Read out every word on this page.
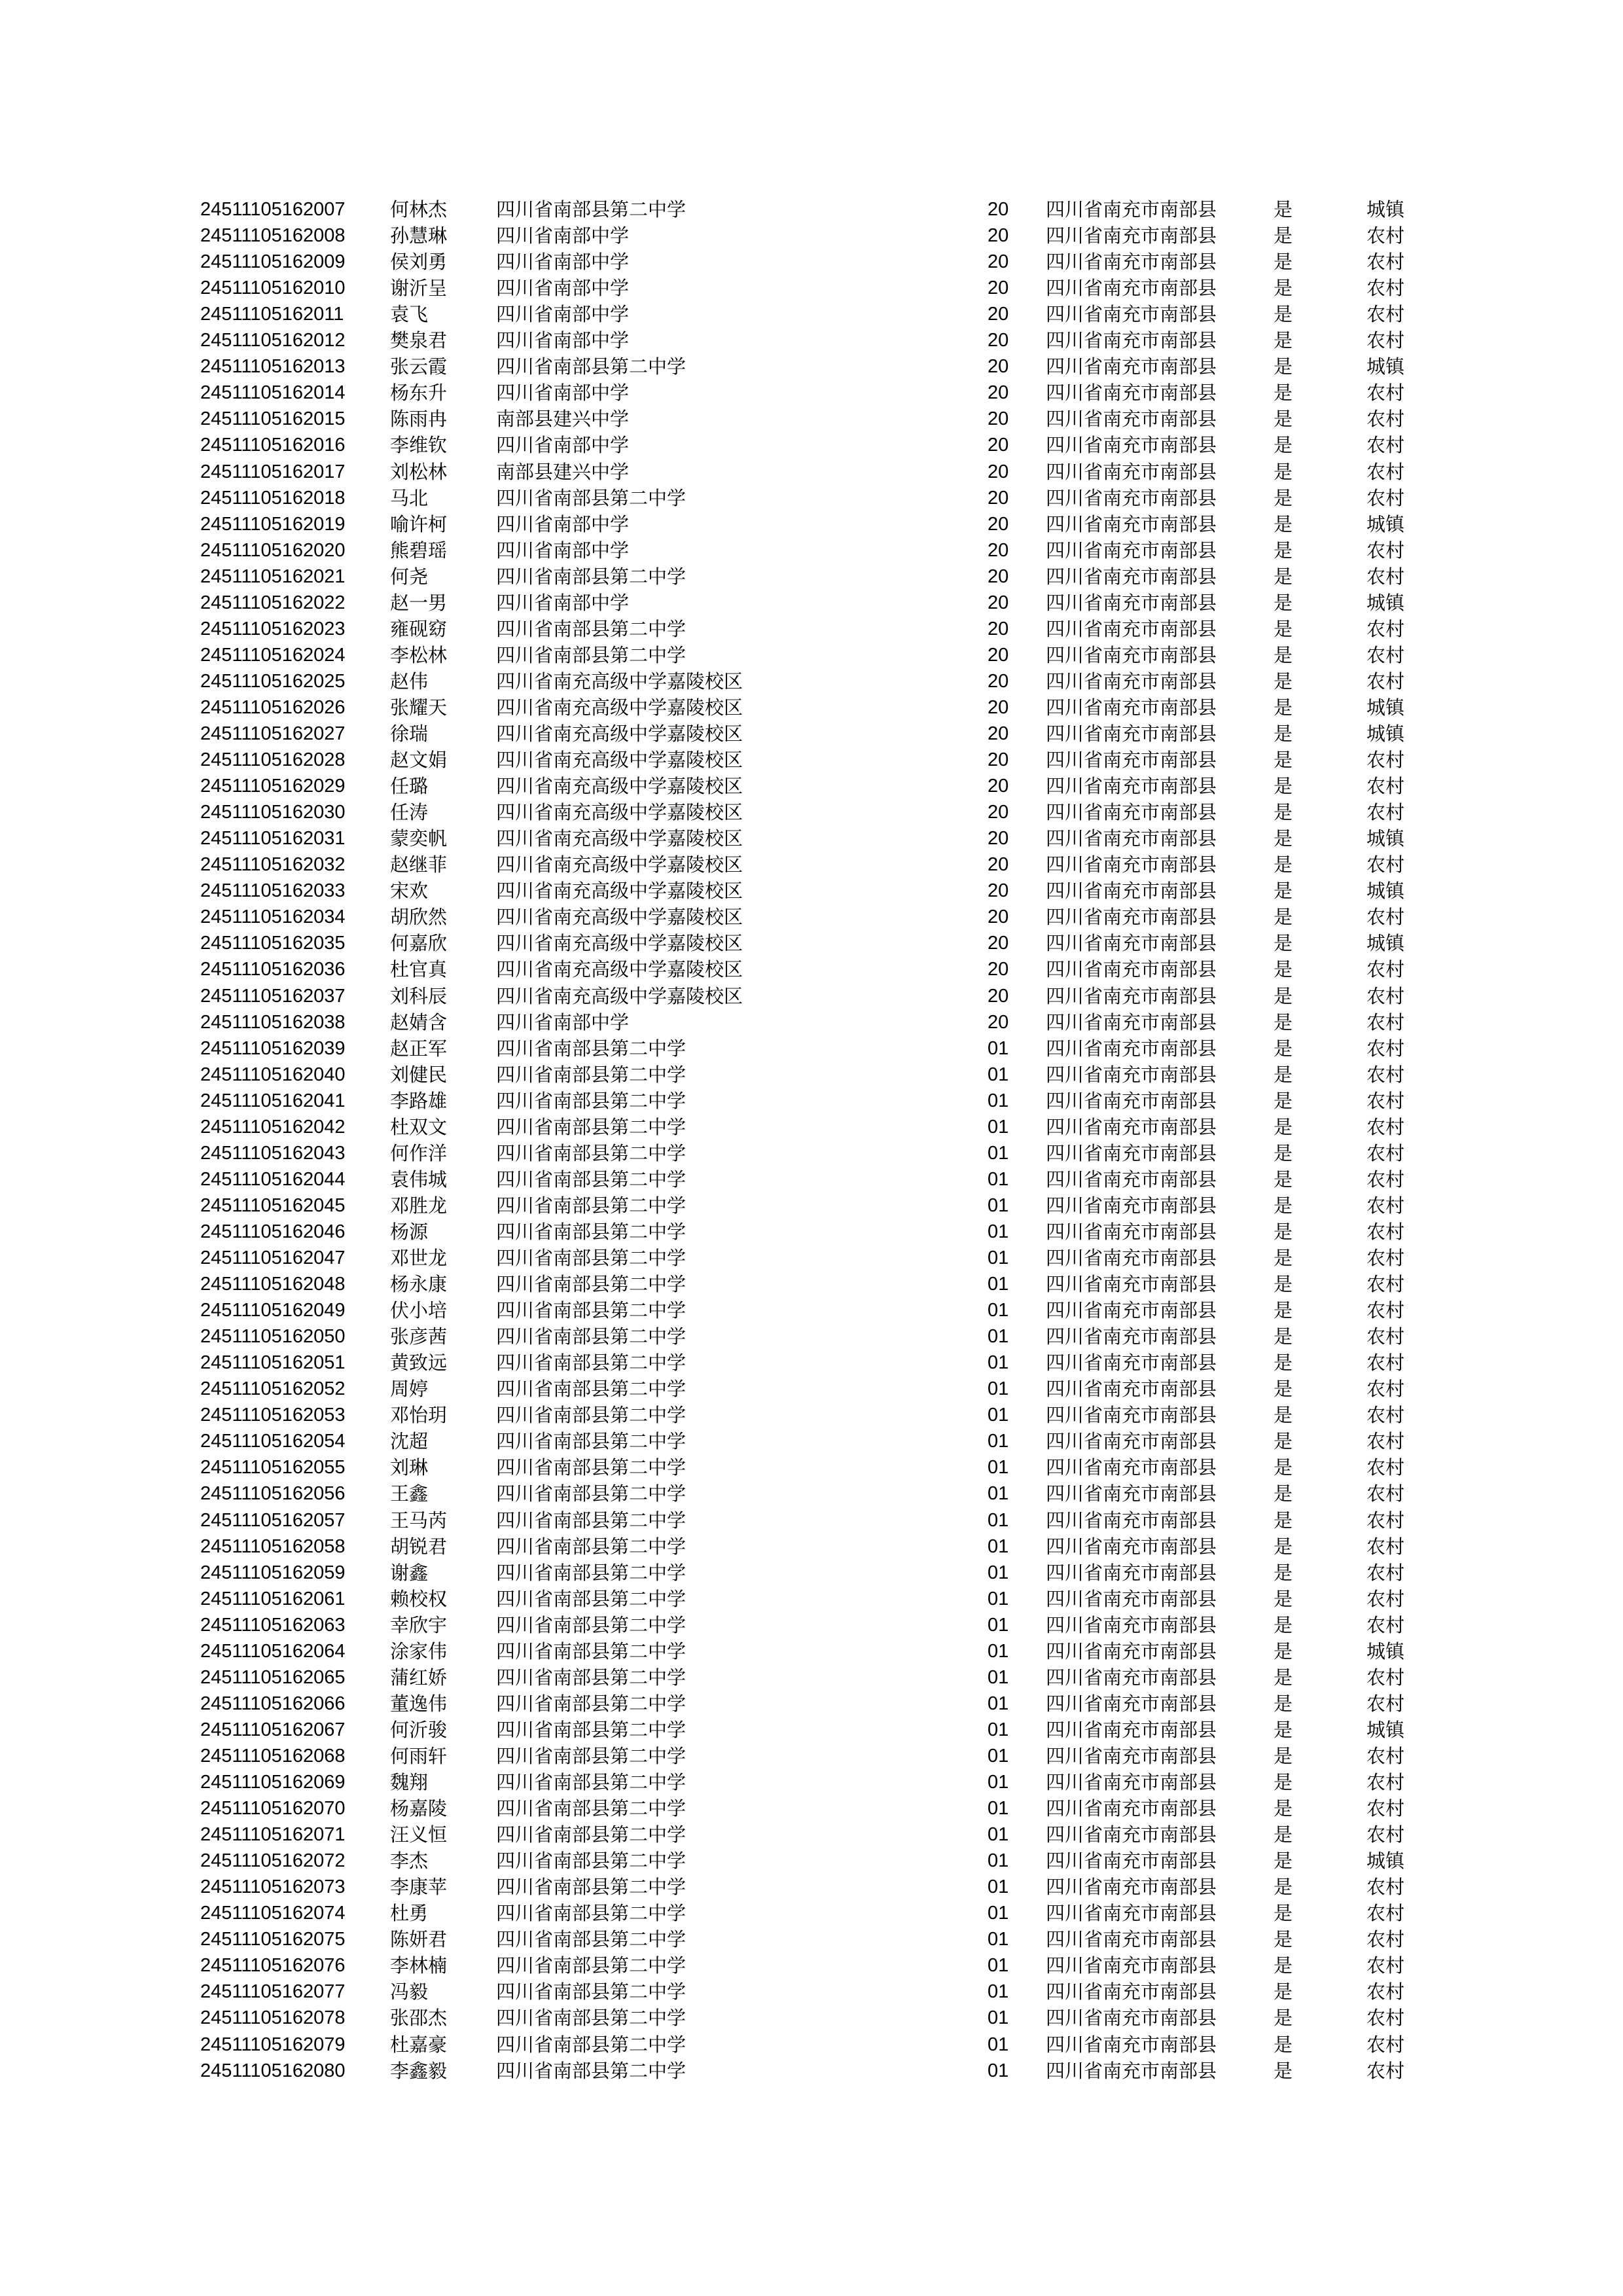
24511105162007 何林杰	四川省南部县第二中学	20 四川省南充市南部县	是	城镇
24511105162008 孙慧琳	四川省南部中学	20 四川省南充市南部县	是	农村
24511105162009 侯刘勇	四川省南部中学	20 四川省南充市南部县	是	农村
24511105162010 谢沂呈	四川省南部中学	20 四川省南充市南部县	是	农村
24511105162011 袁飞	四川省南部中学	20 四川省南充市南部县	是	农村
24511105162012 樊泉君	四川省南部中学	20 四川省南充市南部县	是	农村
24511105162013 张云霞	四川省南部县第二中学	20 四川省南充市南部县	是	城镇
24511105162014 杨东升	四川省南部中学	20 四川省南充市南部县	是	农村
24511105162015 陈雨冉	南部县建兴中学	20 四川省南充市南部县	是	农村
24511105162016 李维钦	四川省南部中学	20 四川省南充市南部县	是	农村
24511105162017 刘松林	南部县建兴中学	20 四川省南充市南部县	是	农村
24511105162018 马北	四川省南部县第二中学	20 四川省南充市南部县	是	农村
24511105162019 喻许柯	四川省南部中学	20 四川省南充市南部县	是	城镇
24511105162020 熊碧瑶	四川省南部中学	20 四川省南充市南部县	是	农村
24511105162021 何尧	四川省南部县第二中学	20 四川省南充市南部县	是	农村
24511105162022 赵一男	四川省南部中学	20 四川省南充市南部县	是	城镇
24511105162023 雍砚窈	四川省南部县第二中学	20 四川省南充市南部县	是	农村
24511105162024 李松林	四川省南部县第二中学	20 四川省南充市南部县	是	农村
24511105162025 赵伟	四川省南充高级中学嘉陵校区	20 四川省南充市南部县	是	农村
24511105162026 张耀天	四川省南充高级中学嘉陵校区	20 四川省南充市南部县	是	城镇
24511105162027 徐瑞	四川省南充高级中学嘉陵校区	20 四川省南充市南部县	是	城镇
24511105162028 赵文娟	四川省南充高级中学嘉陵校区	20 四川省南充市南部县	是	农村
24511105162029 任璐	四川省南充高级中学嘉陵校区	20 四川省南充市南部县	是	农村
24511105162030 任涛	四川省南充高级中学嘉陵校区	20 四川省南充市南部县	是	农村
24511105162031 蒙奕帆	四川省南充高级中学嘉陵校区	20 四川省南充市南部县	是	城镇
24511105162032 赵继菲	四川省南充高级中学嘉陵校区	20 四川省南充市南部县	是	农村
24511105162033 宋欢	四川省南充高级中学嘉陵校区	20 四川省南充市南部县	是	城镇
24511105162034 胡欣然	四川省南充高级中学嘉陵校区	20 四川省南充市南部县	是	农村
24511105162035 何嘉欣	四川省南充高级中学嘉陵校区	20 四川省南充市南部县	是	城镇
24511105162036 杜官真	四川省南充高级中学嘉陵校区	20 四川省南充市南部县	是	农村
24511105162037 刘科辰	四川省南充高级中学嘉陵校区	20 四川省南充市南部县	是	农村
24511105162038 赵婧含	四川省南部中学	20 四川省南充市南部县	是	农村
24511105162039 赵正军	四川省南部县第二中学	01 四川省南充市南部县	是	农村
24511105162040 刘健民	四川省南部县第二中学	01 四川省南充市南部县	是	农村
24511105162041 李路雄	四川省南部县第二中学	01 四川省南充市南部县	是	农村
24511105162042 杜双文	四川省南部县第二中学	01 四川省南充市南部县	是	农村
24511105162043 何作洋	四川省南部县第二中学	01 四川省南充市南部县	是	农村
24511105162044 袁伟城	四川省南部县第二中学	01 四川省南充市南部县	是	农村
24511105162045 邓胜龙	四川省南部县第二中学	01 四川省南充市南部县	是	农村
24511105162046 杨源	四川省南部县第二中学	01 四川省南充市南部县	是	农村
24511105162047 邓世龙	四川省南部县第二中学	01 四川省南充市南部县	是	农村
24511105162048 杨永康	四川省南部县第二中学	01 四川省南充市南部县	是	农村
24511105162049 伏小培	四川省南部县第二中学	01 四川省南充市南部县	是	农村
24511105162050 张彦茜	四川省南部县第二中学	01 四川省南充市南部县	是	农村
24511105162051 黄致远	四川省南部县第二中学	01 四川省南充市南部县	是	农村
24511105162052 周婷	四川省南部县第二中学	01 四川省南充市南部县	是	农村
24511105162053 邓怡玥	四川省南部县第二中学	01 四川省南充市南部县	是	农村
24511105162054 沈超	四川省南部县第二中学	01 四川省南充市南部县	是	农村
24511105162055 刘琳	四川省南部县第二中学	01 四川省南充市南部县	是	农村
24511105162056 王鑫	四川省南部县第二中学	01 四川省南充市南部县	是	农村
24511105162057 王马芮	四川省南部县第二中学	01 四川省南充市南部县	是	农村
24511105162058 胡锐君	四川省南部县第二中学	01 四川省南充市南部县	是	农村
24511105162059 谢鑫	四川省南部县第二中学	01 四川省南充市南部县	是	农村
24511105162061 赖校权	四川省南部县第二中学	01 四川省南充市南部县	是	农村
24511105162063 幸欣宇	四川省南部县第二中学	01 四川省南充市南部县	是	农村
24511105162064 涂家伟	四川省南部县第二中学	01 四川省南充市南部县	是	城镇
24511105162065 蒲红娇	四川省南部县第二中学	01 四川省南充市南部县	是	农村
24511105162066 董逸伟	四川省南部县第二中学	01 四川省南充市南部县	是	农村
24511105162067 何沂骏	四川省南部县第二中学	01 四川省南充市南部县	是	城镇
24511105162068 何雨轩	四川省南部县第二中学	01 四川省南充市南部县	是	农村
24511105162069 魏翔	四川省南部县第二中学	01 四川省南充市南部县	是	农村
24511105162070 杨嘉陵	四川省南部县第二中学	01 四川省南充市南部县	是	农村
24511105162071 汪义恒	四川省南部县第二中学	01 四川省南充市南部县	是	农村
24511105162072 李杰	四川省南部县第二中学	01 四川省南充市南部县	是	城镇
24511105162073 李康苹	四川省南部县第二中学	01 四川省南充市南部县	是	农村
24511105162074 杜勇	四川省南部县第二中学	01 四川省南充市南部县	是	农村
24511105162075 陈妍君	四川省南部县第二中学	01 四川省南充市南部县	是	农村
24511105162076 李林楠	四川省南部县第二中学	01 四川省南充市南部县	是	农村
24511105162077 冯毅	四川省南部县第二中学	01 四川省南充市南部县	是	农村
24511105162078 张邵杰	四川省南部县第二中学	01 四川省南充市南部县	是	农村
24511105162079 杜嘉豪	四川省南部县第二中学	01 四川省南充市南部县	是	农村
24511105162080 李鑫毅	四川省南部县第二中学	01 四川省南充市南部县	是	农村
